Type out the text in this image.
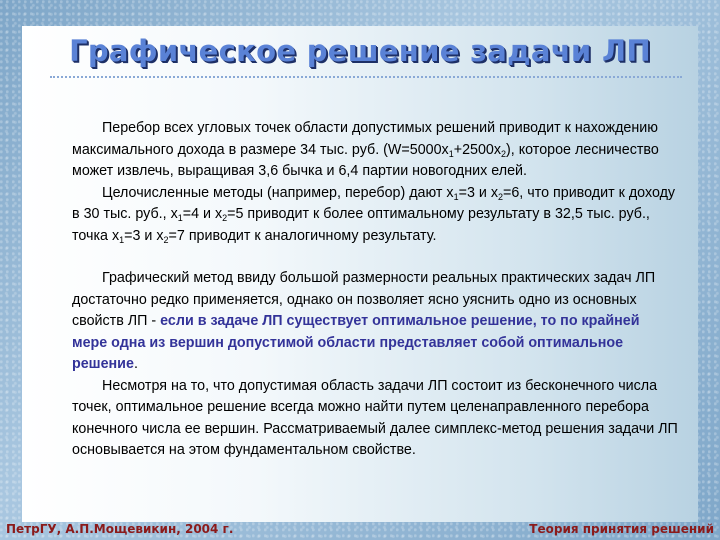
Графическое решение задачи ЛП

Перебор всех угловых точек области допустимых решений приводит к нахождению максимального дохода в размере 34 тыс. руб. $(W=5000x_1+2500x_2)$, которое лесничество может извлечь, выращивая 3,6 бычка и 6,4 партии новогодних елей.

Целочисленные методы (например, перебор) дают $x_1=3$ и $x_2=6$, что приводит к доходу в 30 тыс. руб., $x_1=4$ и $x_2=5$ приводит к более оптимальному результату в 32,5 тыс. руб., точка $x_1=3$ и $x_2=7$ приводит к аналогичному результату.

Графический метод ввиду большой размерности реальных практических задач ЛП достаточно редко применяется, однако он позволяет ясно уяснить одно из основных свойств ЛП - если в задаче ЛП существует оптимальное решение, то по крайней мере одна из вершин допустимой области представляет собой оптимальное решение.

Несмотря на то, что допустимая область задачи ЛП состоит из бесконечного числа точек, оптимальное решение всегда можно найти путем целенаправленного перебора конечного числа ее вершин. Рассматриваемый далее симплекс-метод решения задачи ЛП основывается на этом фундаментальном свойстве.

ПетрГУ, А.П.Мощевикин, 2004 г.	Теория принятия решений
